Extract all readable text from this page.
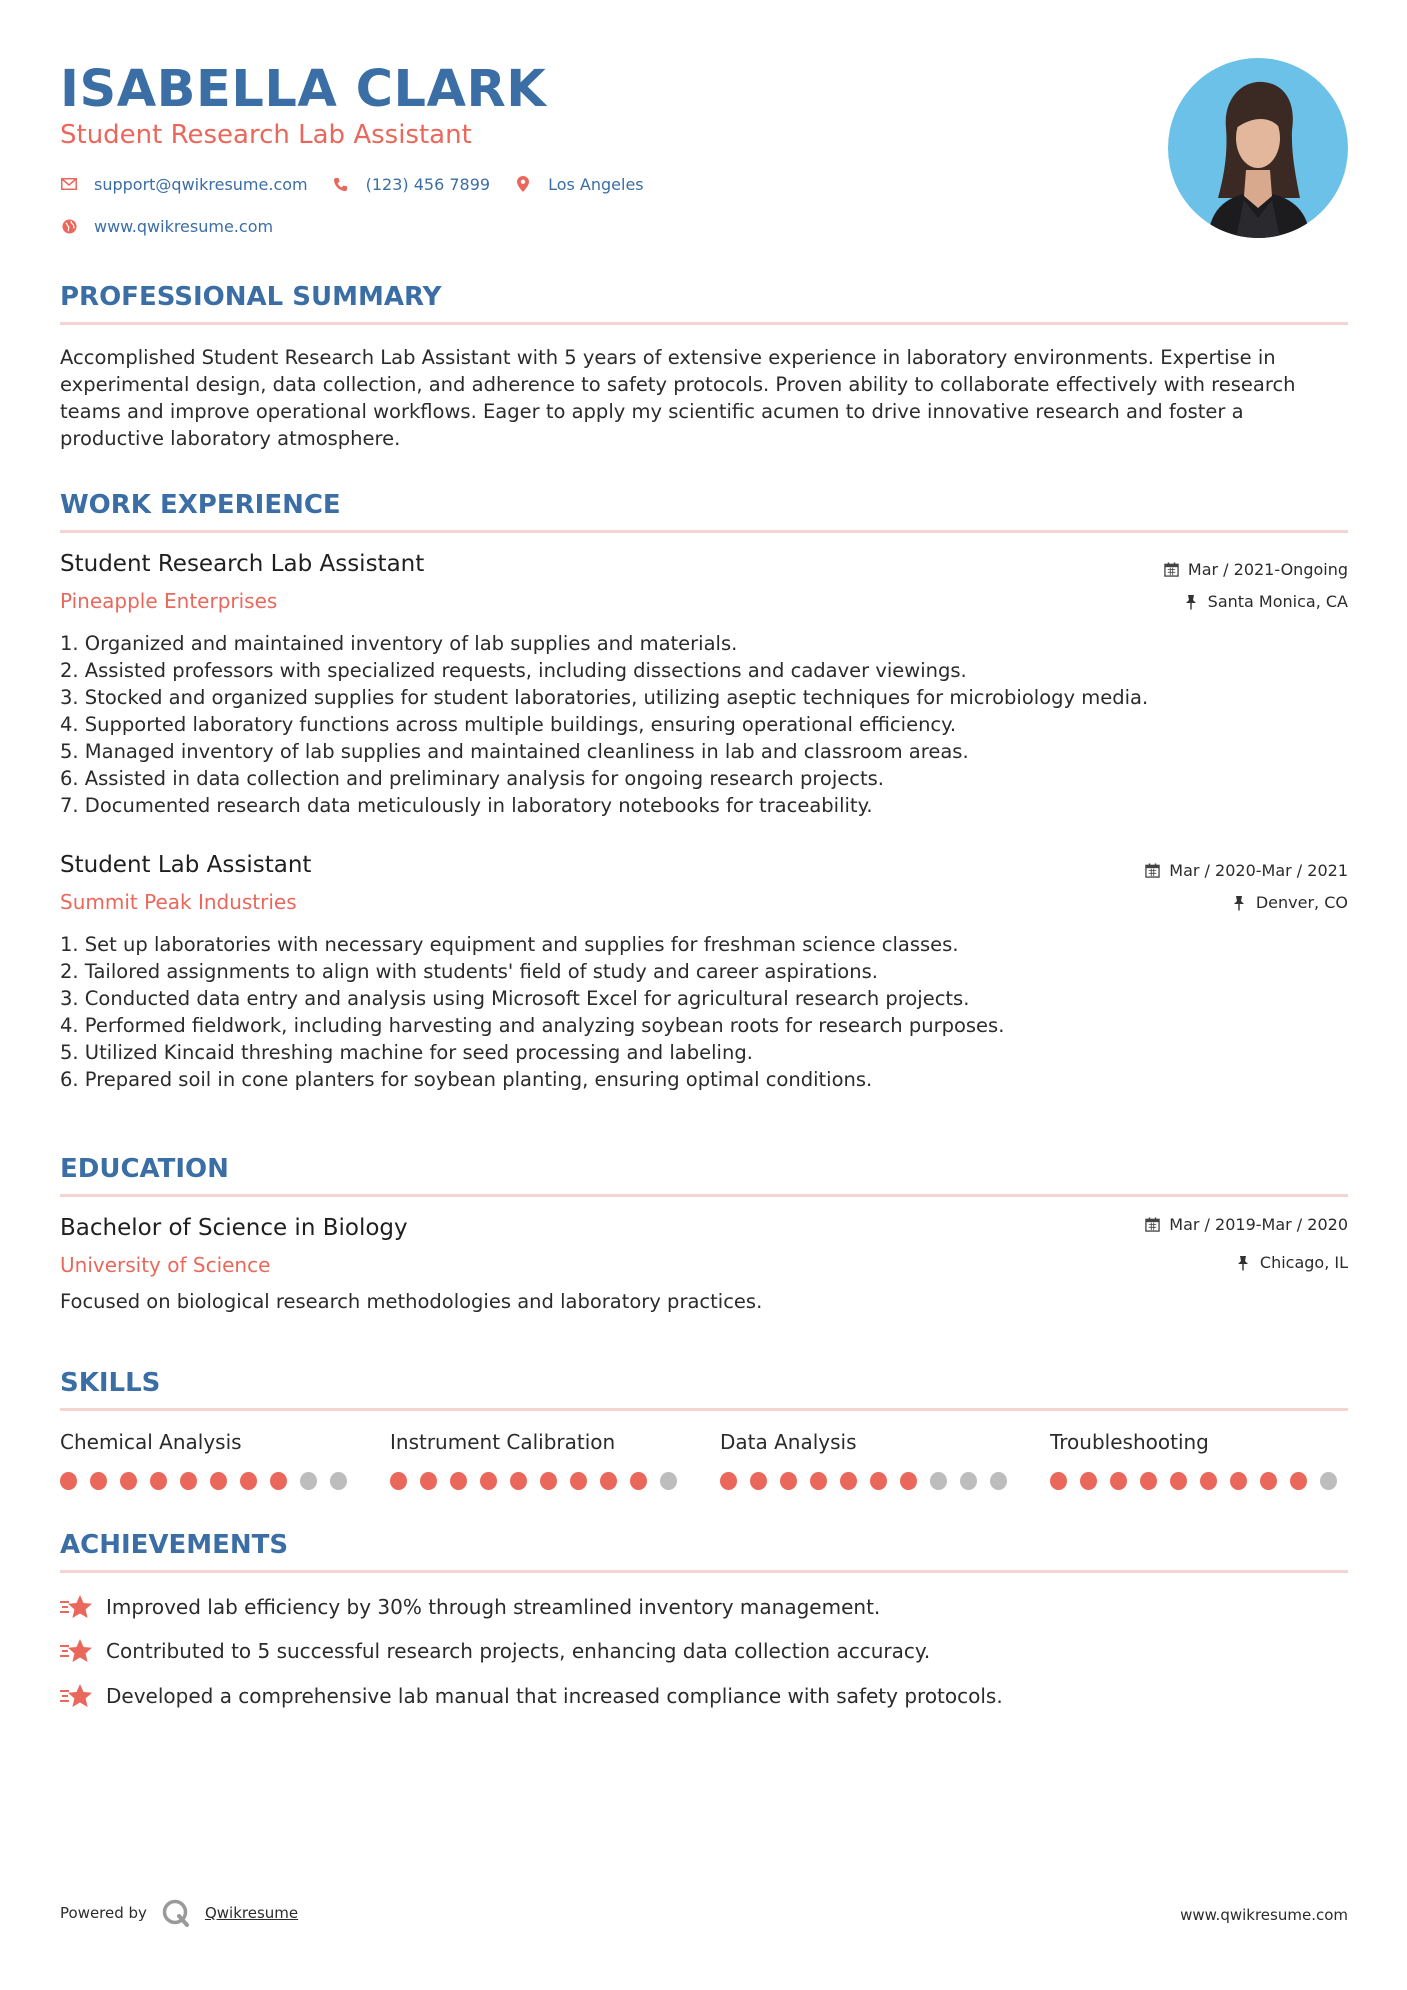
ISABELLA CLARK
Student Research Lab Assistant
support@qwikresume.com	(123) 456 7899	Los Angeles
www.qwikresume.com
PROFESSIONAL SUMMARY
Accomplished Student Research Lab Assistant with 5 years of extensive experience in laboratory environments. Expertise in experimental design, data collection, and adherence to safety protocols. Proven ability to collaborate effectively with research teams and improve operational workflows. Eager to apply my scientific acumen to drive innovative research and foster a productive laboratory atmosphere.
WORK EXPERIENCE
Student Research Lab Assistant
Pineapple Enterprises
Mar / 2021-Ongoing
Santa Monica, CA
1. Organized and maintained inventory of lab supplies and materials.
2. Assisted professors with specialized requests, including dissections and cadaver viewings.
3. Stocked and organized supplies for student laboratories, utilizing aseptic techniques for microbiology media.
4. Supported laboratory functions across multiple buildings, ensuring operational efficiency.
5. Managed inventory of lab supplies and maintained cleanliness in lab and classroom areas.
6. Assisted in data collection and preliminary analysis for ongoing research projects.
7. Documented research data meticulously in laboratory notebooks for traceability.
Student Lab Assistant
Summit Peak Industries
Mar / 2020-Mar / 2021
Denver, CO
1. Set up laboratories with necessary equipment and supplies for freshman science classes.
2. Tailored assignments to align with students' field of study and career aspirations.
3. Conducted data entry and analysis using Microsoft Excel for agricultural research projects.
4. Performed fieldwork, including harvesting and analyzing soybean roots for research purposes.
5. Utilized Kincaid threshing machine for seed processing and labeling.
6. Prepared soil in cone planters for soybean planting, ensuring optimal conditions.
EDUCATION
Bachelor of Science in Biology
University of Science
Mar / 2019-Mar / 2020
Chicago, IL
Focused on biological research methodologies and laboratory practices.
SKILLS
Chemical Analysis	Instrument Calibration	Data Analysis	Troubleshooting
ACHIEVEMENTS
Improved lab efficiency by 30% through streamlined inventory management.
Contributed to 5 successful research projects, enhancing data collection accuracy.
Developed a comprehensive lab manual that increased compliance with safety protocols.
Powered by	Qwikresume	www.qwikresume.com
